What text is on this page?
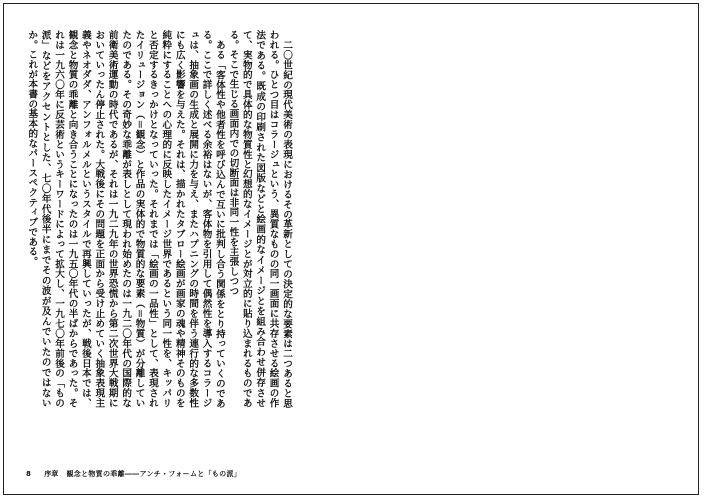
二〇世紀の現代美術の表現におけるその革新としての決定的な要素は二つあると思われる。ひとつ目はコラージュという、異質なものの同一画面に共存させる絵画の作法である。既成の印刷された図版などと絵画的なイメージとを組み合わせ併存させて、実物的で具体的な物質性と幻想的なイメージとが対立的に貼り込まれるものである。そこで生じる画面内での切断面は非同一性を主張しつつ

ある「客体性や他者性を呼び込んで互いに批判し合う関係をとり持っていくのである。ここで詳しく述べる余裕はないが、客体物を引用して偶然性を導入するコラージュは、抽象画の生成と展開に力を与え、またハプニングの時間を伴う連行的な多数性にも広く影響を与えた。それは、描かれたタブロー絵画が画家の魂や精神そのものを純粋にすることへの心理的に反映したイメージ世界であるという同一性を、キッパリと否定するきっかけとなっていった。それまでは「絵画の一品性」として、表現されたイリュージョン（＝観念）と作品の実体的で物質的な要素（＝物質）が分離していたのである。その奇妙な乖離が表しとして現われ始めたのは一九二〇年代の国際的な前衛美術運動の時代であるが、それは一九二九年の世界恐慌から第二次世界大戦期においていったん停止された。大戦後にその問題を正面から受け止めていく抽象表現主義やネオダダ、アンフォルメルというスタイルで再興していったが、戦後日本では、観念と物質の乖離と向き合うことになったのは一九五〇年代の半ばからであった。それは一九六〇年に反芸術というキーワードによって拡大し、一九七〇年前後の「もの派」などをアクセントとした、七〇年代後半にまでその波が及んでいたのではないか。これが本書の基本的なパースペクティブである。

8 序章 観念と物質の乖離――アンチ・フォームと「もの派」
